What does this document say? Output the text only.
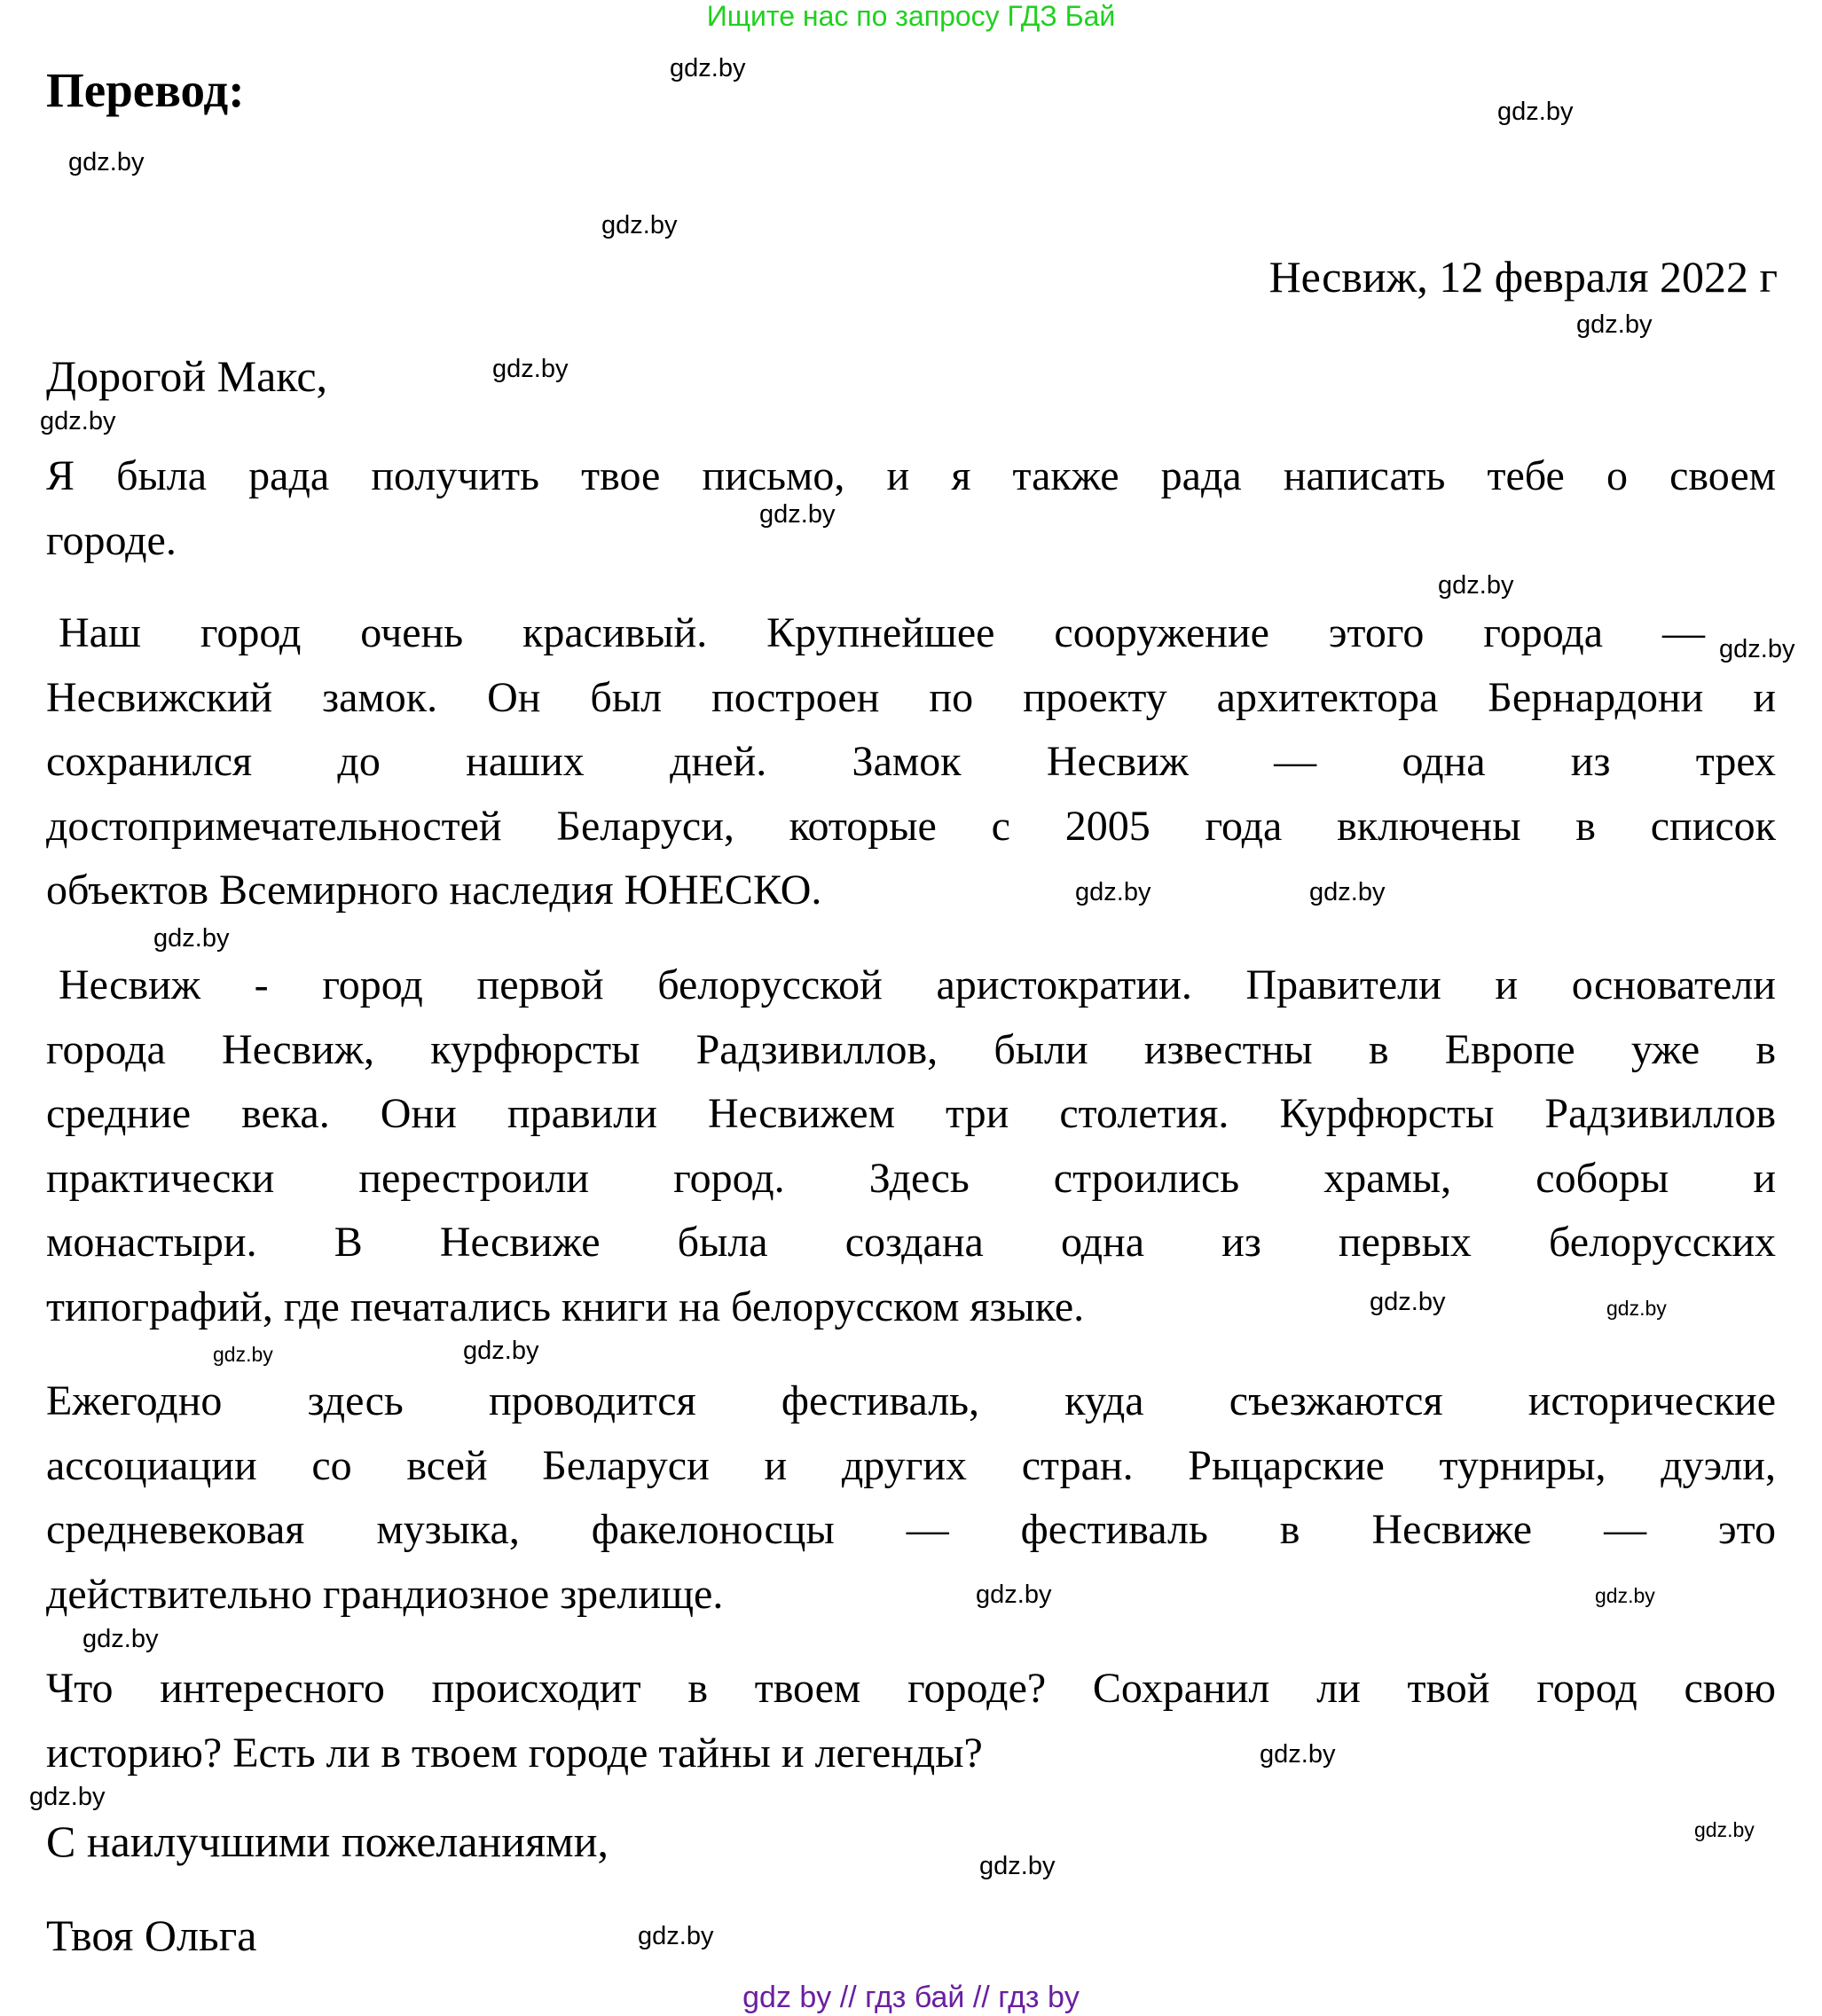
Ищите нас по запросу ГДЗ Бай
Перевод:
Несвиж, 12 февраля 2022 г
Дорогой Макс,
Я была рада получить твое письмо, и я также рада написать тебе о своем
городе.
Наш город очень красивый. Крупнейшее сооружение этого города —
Несвижский замок. Он был построен по проекту архитектора Бернардони и
сохранился до наших дней. Замок Несвиж — одна из трех
достопримечательностей Беларуси, которые с 2005 года включены в список
объектов Всемирного наследия ЮНЕСКО.
Несвиж - город первой белорусской аристократии. Правители и основатели
города Несвиж, курфюрсты Радзивиллов, были известны в Европе уже в
средние века. Они правили Несвижем три столетия. Курфюрсты Радзивиллов
практически перестроили город. Здесь строились храмы, соборы и
монастыри. В Несвиже была создана одна из первых белорусских
типографий, где печатались книги на белорусском языке.
Ежегодно здесь проводится фестиваль, куда съезжаются исторические
ассоциации со всей Беларуси и других стран. Рыцарские турниры, дуэли,
средневековая музыка, факелоносцы — фестиваль в Несвиже — это
действительно грандиозное зрелище.
Что интересного происходит в твоем городе? Сохранил ли твой город свою
историю? Есть ли в твоем городе тайны и легенды?
С наилучшими пожеланиями,
Твоя Ольга
gdz by // гдз бай // гдз by
gdz.by
gdz.by
gdz.by
gdz.by
gdz.by
gdz.by
gdz.by
gdz.by
gdz.by
gdz.by
gdz.by
gdz.by
gdz.by
gdz.by
gdz.by
gdz.by
gdz.by
gdz.by
gdz.by
gdz.by
gdz.by
gdz.by
gdz.by
gdz.by
gdz.by
